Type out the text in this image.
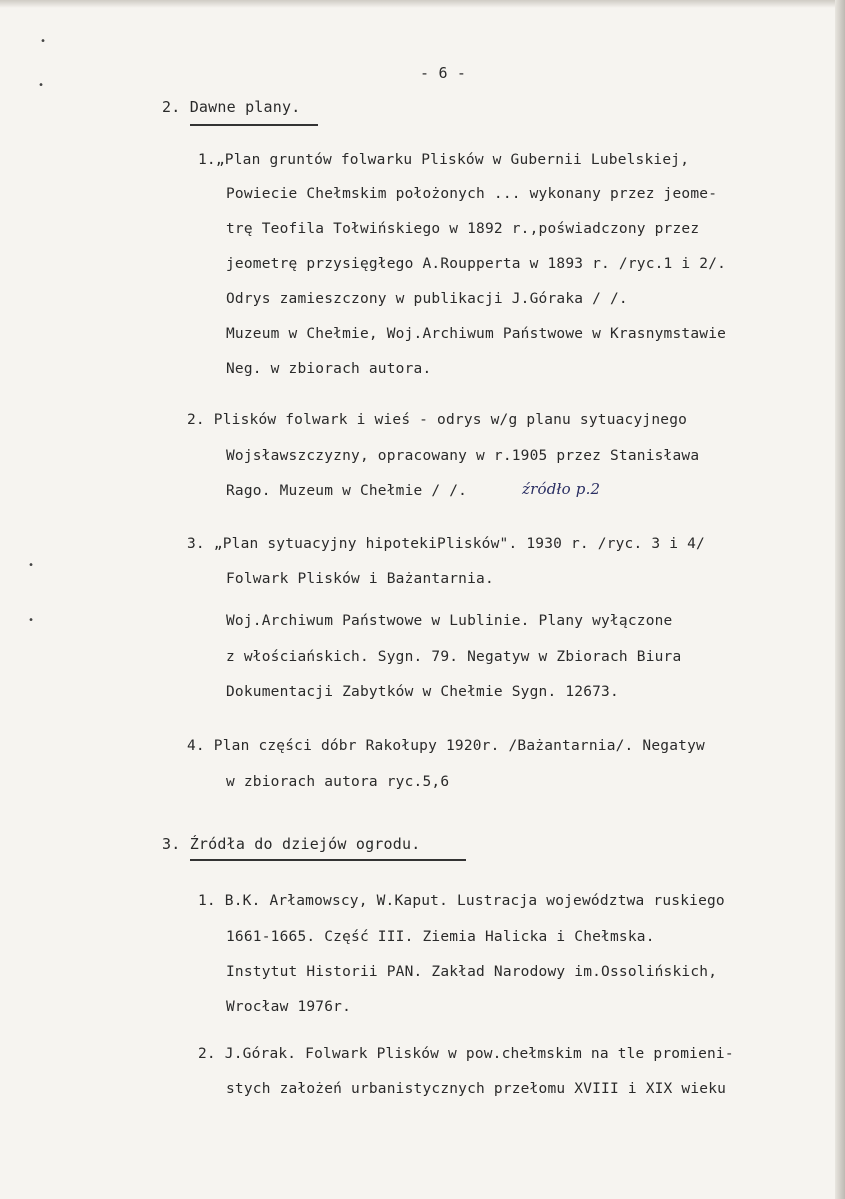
•
•
•
•
- 6 -
2. Dawne plany.
1.„Plan gruntów folwarku Plisków w Gubernii Lubelskiej,
Powiecie Chełmskim położonych ... wykonany przez jeome-
trę Teofila Tołwińskiego w 1892 r.,poświadczony przez
jeometrę przysięgłego A.Roupperta w 1893 r. /ryc.1 i 2/.
Odrys zamieszczony w publikacji J.Góraka / /.
Muzeum w Chełmie, Woj.Archiwum Państwowe w Krasnymstawie
Neg. w zbiorach autora.
2. Plisków folwark i wieś - odrys w/g planu sytuacyjnego
Wojsławszczyzny, opracowany w r.1905 przez Stanisława
Rago. Muzeum w Chełmie / /.	źródło p.2
3. „Plan sytuacyjny hipotekiPlisków". 1930 r. /ryc. 3 i 4/
Folwark Plisków i Bażantarnia.
Woj.Archiwum Państwowe w Lublinie. Plany wyłączone
z włościańskich. Sygn. 79. Negatyw w Zbiorach Biura
Dokumentacji Zabytków w Chełmie Sygn. 12673.
4. Plan części dóbr Rakołupy 1920r. /Bażantarnia/. Negatyw
w zbiorach autora ryc.5,6
3. Źródła do dziejów ogrodu.
1. B.K. Arłamowscy, W.Kaput. Lustracja województwa ruskiego
1661-1665. Część III. Ziemia Halicka i Chełmska.
Instytut Historii PAN. Zakład Narodowy im.Ossolińskich,
Wrocław 1976r.
2. J.Górak. Folwark Plisków w pow.chełmskim na tle promieni-
stych założeń urbanistycznych przełomu XVIII i XIX wieku
